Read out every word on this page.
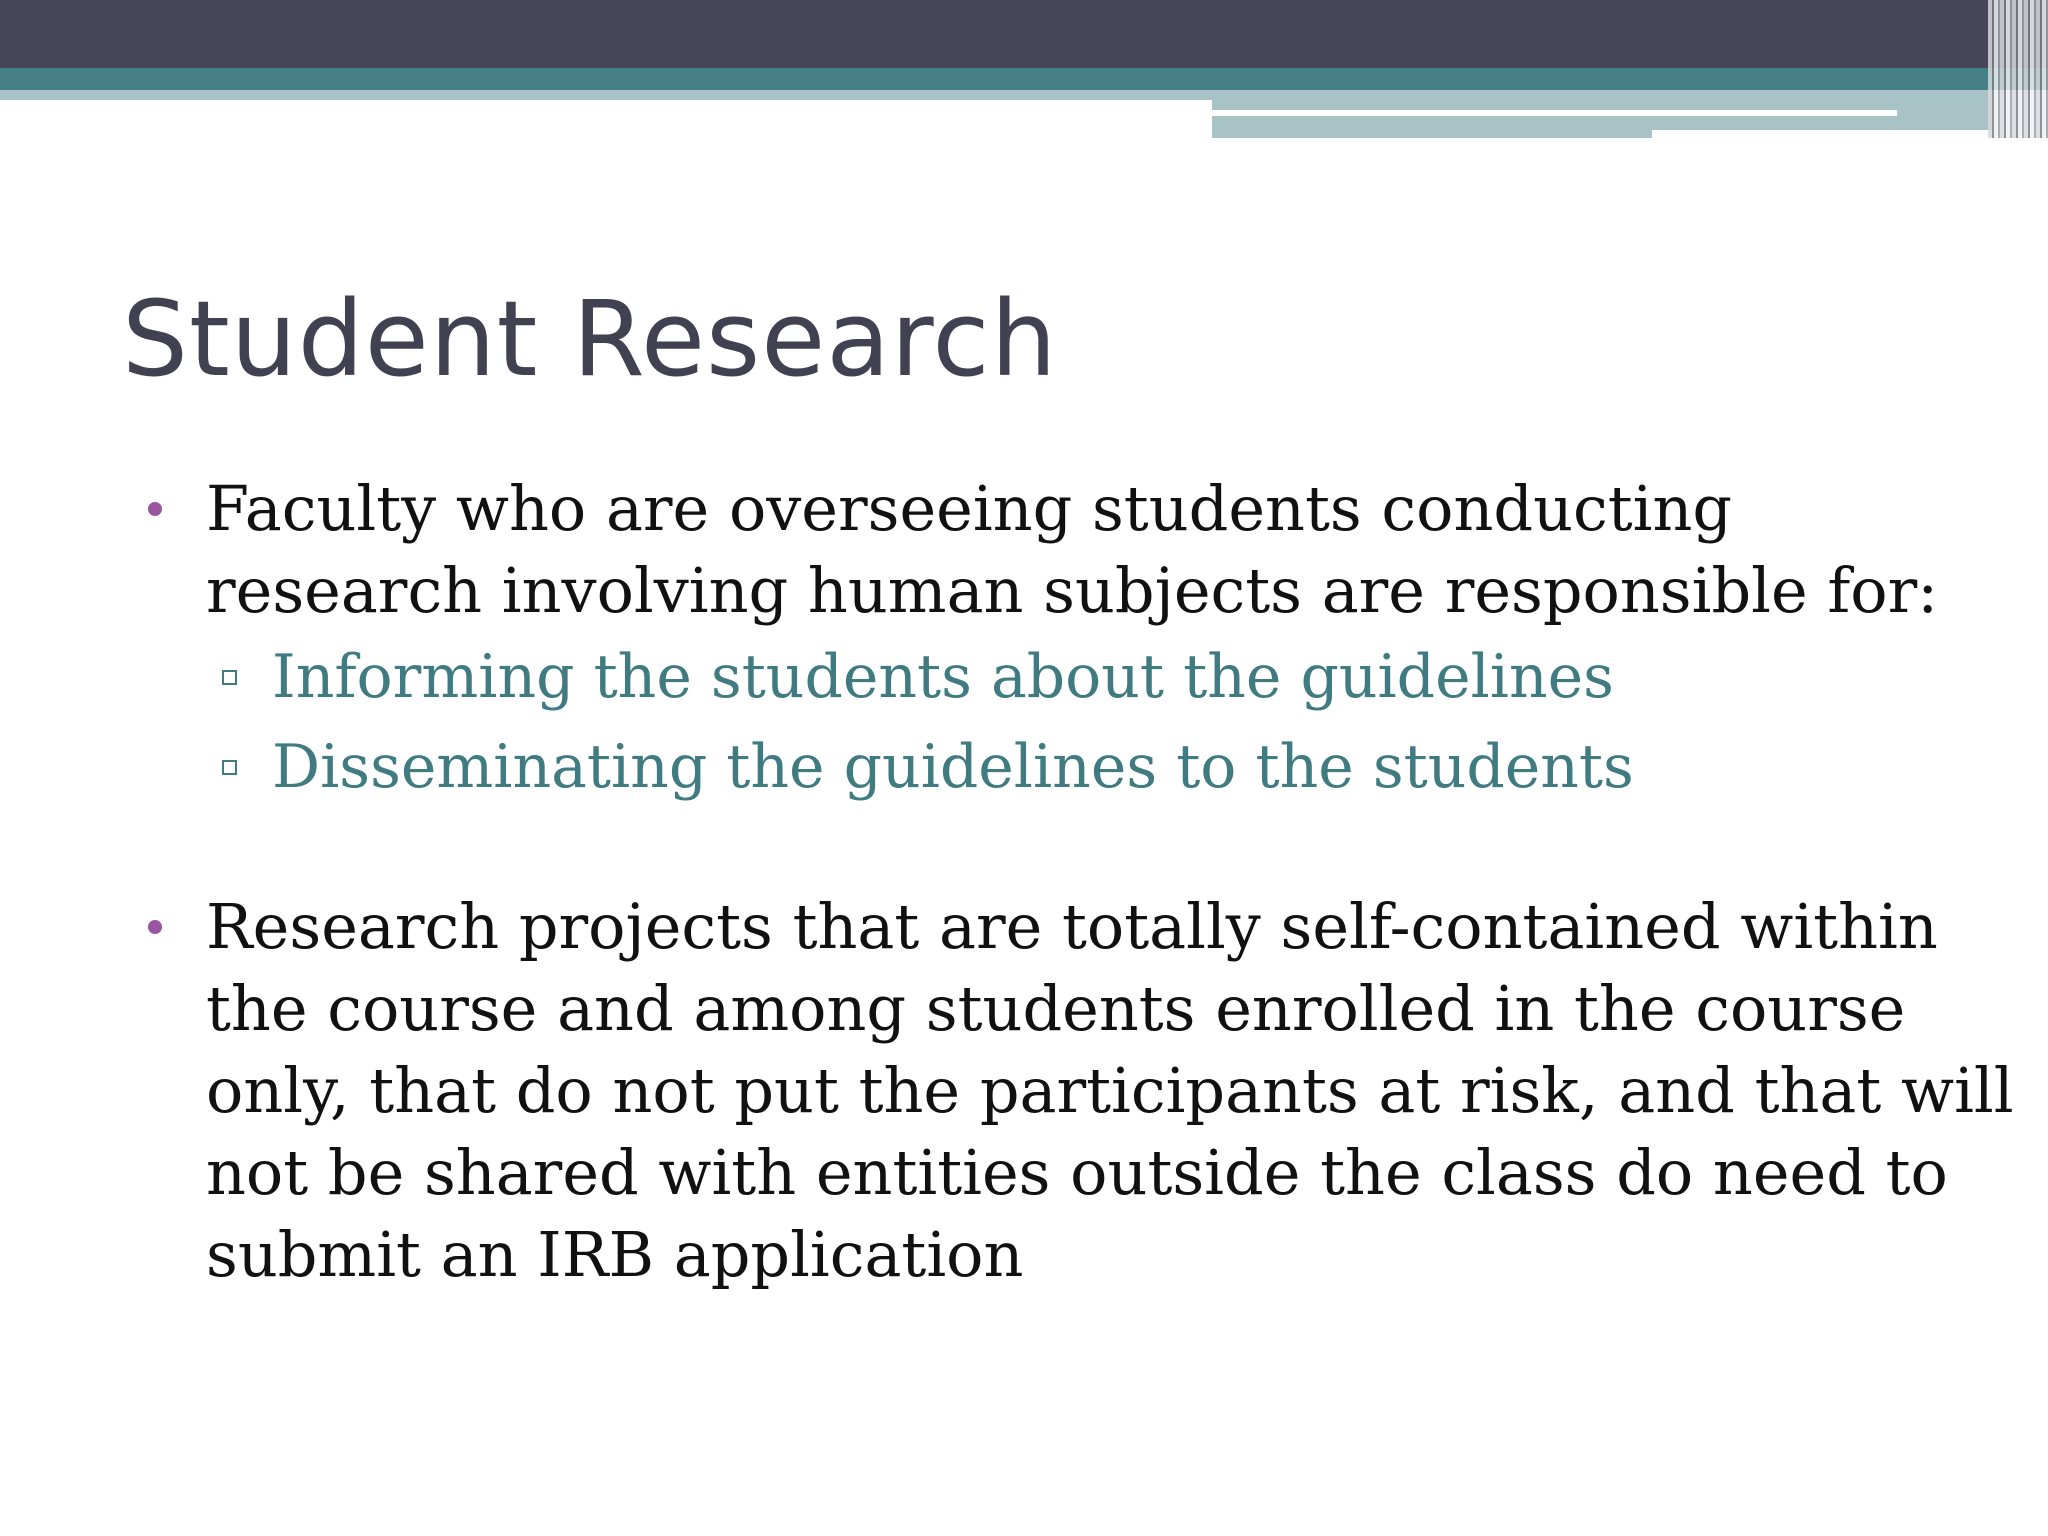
Student Research

Faculty who are overseeing students conducting research involving human subjects are responsible for:

Informing the students about the guidelines

Disseminating the guidelines to the students

Research projects that are totally self-contained within the course and among students enrolled in the course only, that do not put the participants at risk, and that will not be shared with entities outside the class do need to submit an IRB application
